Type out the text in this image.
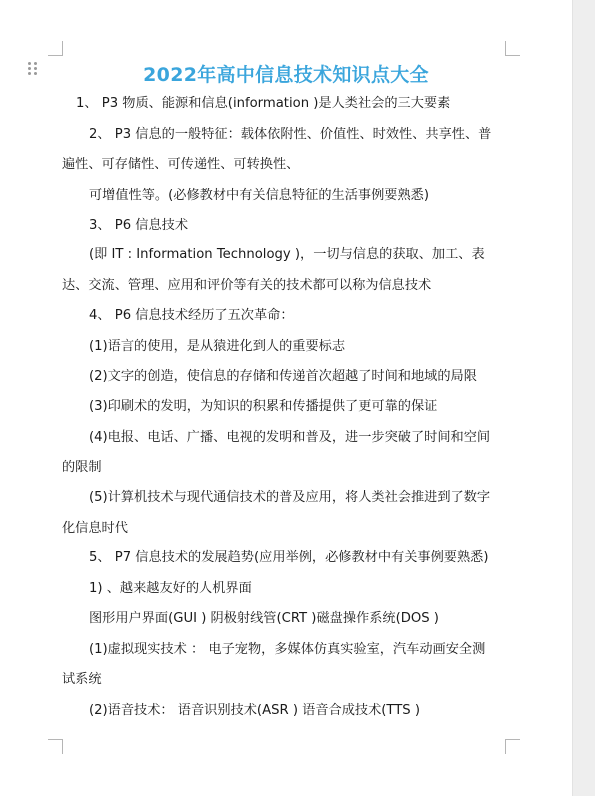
2022年高中信息技术知识点大全
1、 P3 物质、能源和信息(information )是人类社会的三大要素
2、 P3 信息的一般特征：载体依附性、价值性、时效性、共享性、普
遍性、可存储性、可传递性、可转换性、
可增值性等。(必修教材中有关信息特征的生活事例要熟悉)
3、 P6 信息技术
(即 IT : Information Technology )，一切与信息的获取、加工、表
达、交流、管理、应用和评价等有关的技术都可以称为信息技术
4、 P6 信息技术经历了五次革命：
(1)语言的使用，是从猿进化到人的重要标志
(2)文字的创造，使信息的存储和传递首次超越了时间和地域的局限
(3)印刷术的发明，为知识的积累和传播提供了更可靠的保证
(4)电报、电话、广播、电视的发明和普及，进一步突破了时间和空间
的限制
(5)计算机技术与现代通信技术的普及应用，将人类社会推进到了数字
化信息时代
5、 P7 信息技术的发展趋势(应用举例，必修教材中有关事例要熟悉)
1) 、越来越友好的人机界面
图形用户界面(GUI ) 阴极射线管(CRT )磁盘操作系统(DOS )
(1)虚拟现实技术 ： 电子宠物，多媒体仿真实验室，汽车动画安全测
试系统
(2)语音技术： 语音识别技术(ASR ) 语音合成技术(TTS )
